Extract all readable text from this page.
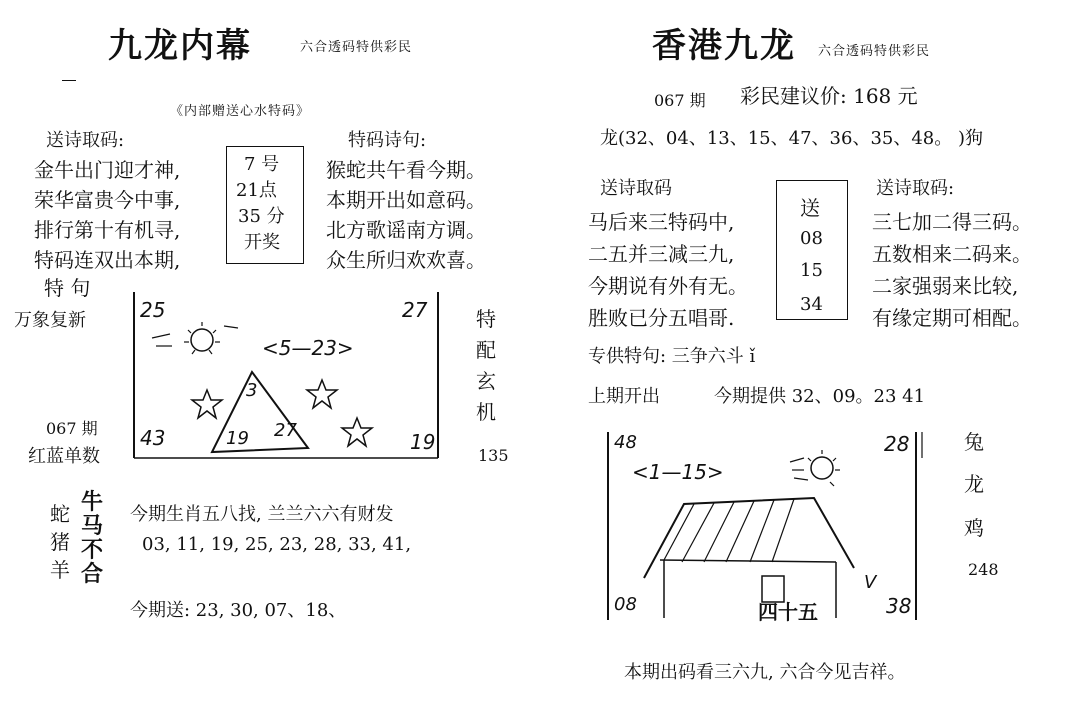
九龙内幕	六合透码特供彩民
《内部赠送心水特码》
送诗取码:	特码诗句:
金牛出门迎才神,
荣华富贵今中事,
排行第十有机寻,
特码连双出本期,
7 号
21点
35 分
开奖
猴蛇共午看今期。
本期开出如意码。
北方歌谣南方调。
众生所归欢欢喜。
特 句
万象复新	25	27
43	19
<5—23>
3
19 27
特配玄机
067 期
红蓝单数	135
蛇猪羊
牛马不合
今期生肖五八找, 兰兰六六有财发
03, 11, 19, 25, 23, 28, 33, 41,
今期送: 23, 30, 07、18、
香港九龙 六合透码特供彩民
067 期 彩民建议价: 168 元
龙(32、04、13、15、47、36、35、48。 )狗
送诗取码	送诗取码:
马后来三特码中,
二五并三减三九,
今期说有外有无。
胜败已分五唱哥.
送
08
15
34
三七加二得三码。
五数相来二码来。
二家强弱来比较,
有缘定期可相配。
专供特句: 三争六斗 ǐ
上期开出	今期提供 32、09。23 41
48	28
08	38
<1—15>
四十五
V
兔
龙
鸡
248
本期出码看三六九, 六合今见吉祥。
